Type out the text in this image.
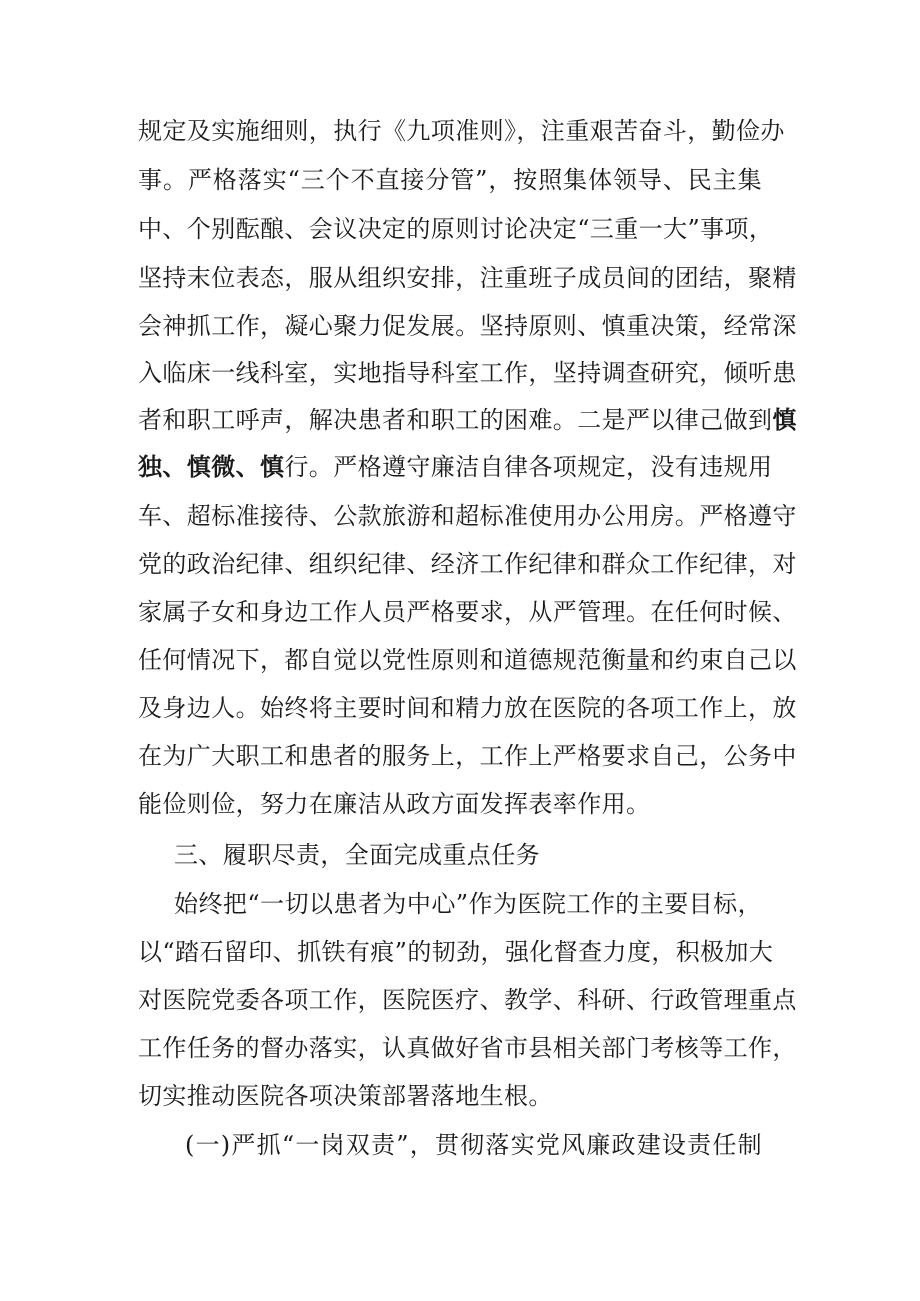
规定及实施细则，执行《九项准则》，注重艰苦奋斗，勤俭办
事。严格落实“三个不直接分管”，按照集体领导、民主集
中、个别酝酿、会议决定的原则讨论决定“三重一大”事项，
坚持末位表态，服从组织安排，注重班子成员间的团结，聚精
会神抓工作，凝心聚力促发展。坚持原则、慎重决策，经常深
入临床一线科室，实地指导科室工作，坚持调查研究，倾听患
者和职工呼声，解决患者和职工的困难。二是严以律己做到慎
独、慎微、慎行。严格遵守廉洁自律各项规定，没有违规用
车、超标准接待、公款旅游和超标准使用办公用房。严格遵守
党的政治纪律、组织纪律、经济工作纪律和群众工作纪律，对
家属子女和身边工作人员严格要求，从严管理。在任何时候、
任何情况下，都自觉以党性原则和道德规范衡量和约束自己以
及身边人。始终将主要时间和精力放在医院的各项工作上，放
在为广大职工和患者的服务上，工作上严格要求自己，公务中
能俭则俭，努力在廉洁从政方面发挥表率作用。
三、履职尽责，全面完成重点任务
始终把“一切以患者为中心”作为医院工作的主要目标，
以“踏石留印、抓铁有痕”的韧劲，强化督查力度，积极加大
对医院党委各项工作，医院医疗、教学、科研、行政管理重点
工作任务的督办落实，认真做好省市县相关部门考核等工作，
切实推动医院各项决策部署落地生根。
(一)严抓“一岗双责”，贯彻落实党风廉政建设责任制
